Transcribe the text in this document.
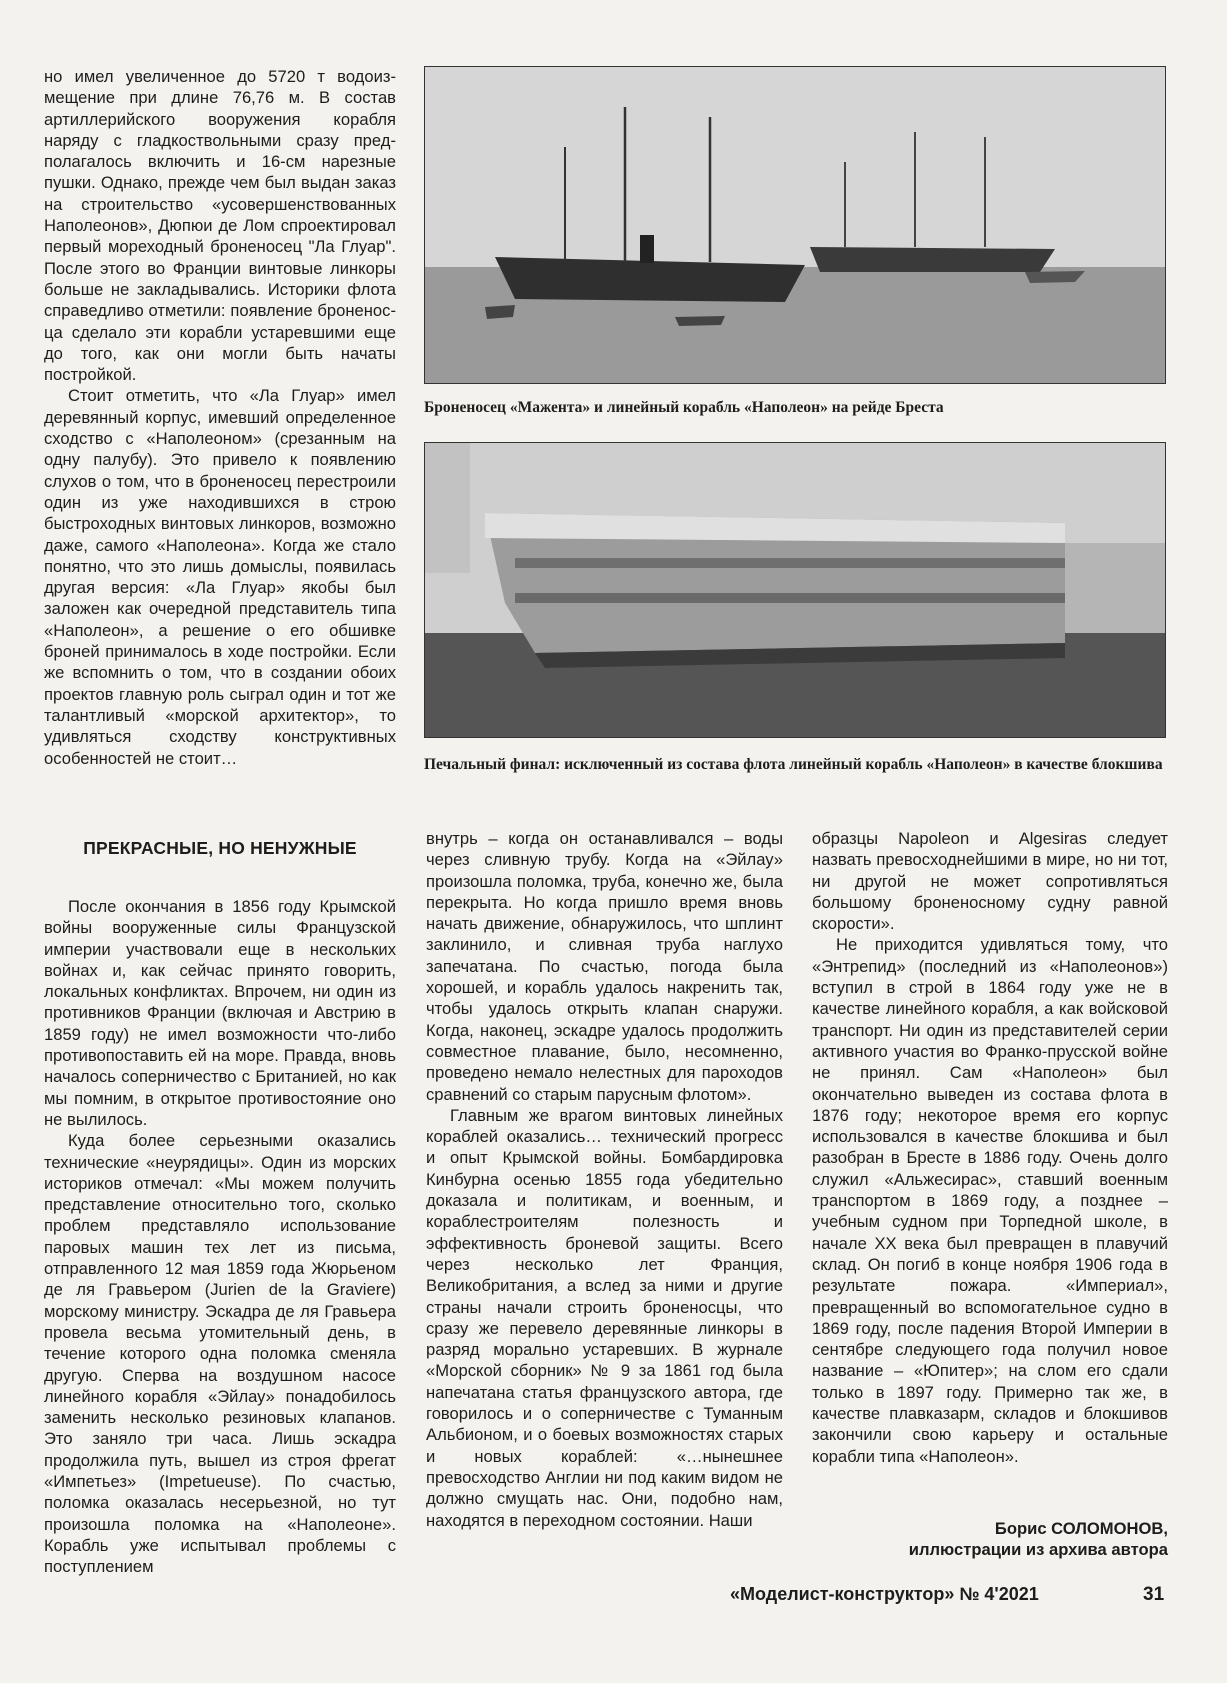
но имел увеличенное до 5720 т водоизмещение при длине 76,76 м. В состав артиллерийского вооружения корабля наряду с гладкоствольными сразу предполагалось включить и 16-см нарезные пушки. Однако, прежде чем был выдан заказ на строительство «усовершенствованных Наполеонов», Дюпюи де Лом спроектировал первый мореходный броненосец "Ла Глуар". После этого во Франции винтовые линкоры больше не закладывались. Историки флота справедливо отметили: появление броненосца сделало эти корабли устаревшими еще до того, как они могли быть начаты постройкой.

Стоит отметить, что «Ла Глуар» имел деревянный корпус, имевший определенное сходство с «Наполеоном» (срезанным на одну палубу). Это привело к появлению слухов о том, что в броненосец перестроили один из уже находившихся в строю быстроходных винтовых линкоров, возможно даже, самого «Наполеона». Когда же стало понятно, что это лишь домыслы, появилась другая версия: «Ла Глуар» якобы был заложен как очередной представитель типа «Наполеон», а решение о его обшивке броней принималось в ходе постройки. Если же вспомнить о том, что в создании обоих проектов главную роль сыграл один и тот же талантливый «морской архитектор», то удивляться сходству конструктивных особенностей не стоит…

Броненосец «Мажента» и линейный корабль «Наполеон» на рейде Бреста
Печальный финал: исключенный из состава флота линейный корабль «Наполеон» в качестве блокшива
ПРЕКРАСНЫЕ, НО НЕНУЖНЫЕ

После окончания в 1856 году Крымской войны вооруженные силы Французской империи участвовали еще в нескольких войнах и, как сейчас принято говорить, локальных конфликтах. Впрочем, ни один из противников Франции (включая и Австрию в 1859 году) не имел возможности что-либо противопоставить ей на море. Правда, вновь началось соперничество с Британией, но как мы помним, в открытое противостояние оно не вылилось.

Куда более серьезными оказались технические «неурядицы». Один из морских историков отмечал: «Мы можем получить представление относительно того, сколько проблем представляло использование паровых машин тех лет из письма, отправленного 12 мая 1859 года Жюрьеном де ля Гравьером (Jurien de la Graviere) морскому министру. Эскадра де ля Гравьера провела весьма утомительный день, в течение которого одна поломка сменяла другую. Сперва на воздушном насосе линейного корабля «Эйлау» понадобилось заменить несколько резиновых клапанов. Это заняло три часа. Лишь эскадра продолжила путь, вышел из строя фрегат «Импетьез» (Impetueuse). По счастью, поломка оказалась несерьезной, но тут произошла поломка на «Наполеоне». Корабль уже испытывал проблемы с поступлением

внутрь – когда он останавливался – воды через сливную трубу. Когда на «Эйлау» произошла поломка, труба, конечно же, была перекрыта. Но когда пришло время вновь начать движение, обнаружилось, что шплинт заклинило, и сливная труба наглухо запечатана. По счастью, погода была хорошей, и корабль удалось накренить так, чтобы удалось открыть клапан снаружи. Когда, наконец, эскадре удалось продолжить совместное плавание, было, несомненно, проведено немало нелестных для пароходов сравнений со старым парусным флотом».

Главным же врагом винтовых линейных кораблей оказались… технический прогресс и опыт Крымской войны. Бомбардировка Кинбурна осенью 1855 года убедительно доказала и политикам, и военным, и кораблестроителям полезность и эффективность броневой защиты. Всего через несколько лет Франция, Великобритания, а вслед за ними и другие страны начали строить броненосцы, что сразу же перевело деревянные линкоры в разряд морально устаревших. В журнале «Морской сборник» № 9 за 1861 год была напечатана статья французского автора, где говорилось и о соперничестве с Туманным Альбионом, и о боевых возможностях старых и новых кораблей: «…нынешнее превосходство Англии ни под каким видом не должно смущать нас. Они, подобно нам, находятся в переходном состоянии. Наши

образцы Napoleon и Algesiras следует назвать превосходнейшими в мире, но ни тот, ни другой не может сопротивляться большому броненосному судну равной скорости».

Не приходится удивляться тому, что «Энтрепид» (последний из «Наполеонов») вступил в строй в 1864 году уже не в качестве линейного корабля, а как войсковой транспорт. Ни один из представителей серии активного участия во Франко-прусской войне не принял. Сам «Наполеон» был окончательно выведен из состава флота в 1876 году; некоторое время его корпус использовался в качестве блокшива и был разобран в Бресте в 1886 году. Очень долго служил «Альжесирас», ставший военным транспортом в 1869 году, а позднее – учебным судном при Торпедной школе, в начале XX века был превращен в плавучий склад. Он погиб в конце ноября 1906 года в результате пожара. «Империал», превращенный во вспомогательное судно в 1869 году, после падения Второй Империи в сентябре следующего года получил новое название – «Юпитер»; на слом его сдали только в 1897 году. Примерно так же, в качестве плавказарм, складов и блокшивов закончили свою карьеру и остальные корабли типа «Наполеон».

Борис СОЛОМОНОВ,
иллюстрации из архива автора
«Моделист-конструктор» № 4'2021	31
